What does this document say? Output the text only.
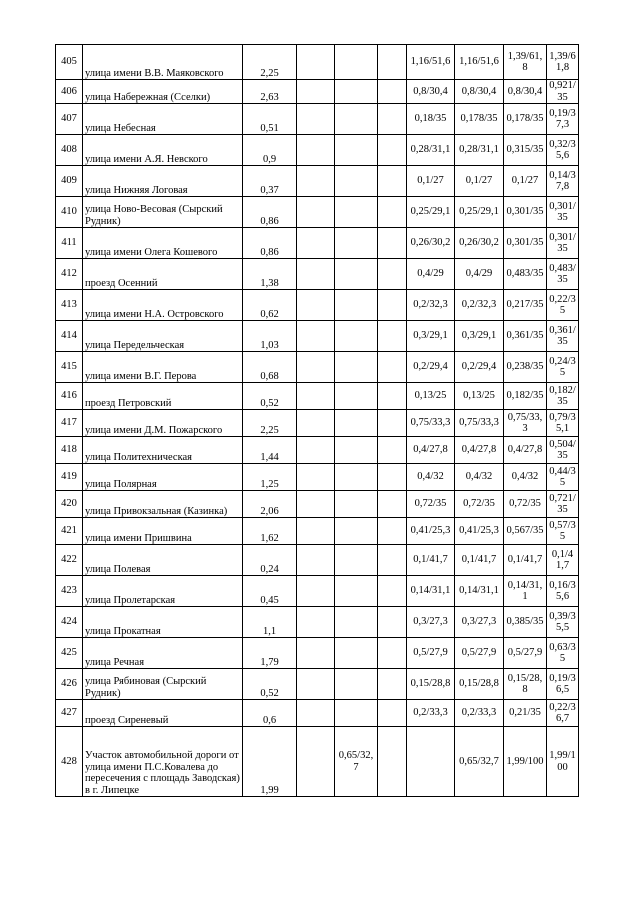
405	улица имени В.В. Маяковского	2,25				1,16/51,6	1,16/51,6	1,39/61,8	1,39/61,8
406	улица Набережная (Сселки)	2,63				0,8/30,4	0,8/30,4	0,8/30,4	0,921/35
407	улица Небесная	0,51				0,18/35	0,178/35	0,178/35	0,19/37,3
408	улица имени А.Я. Невского	0,9				0,28/31,1	0,28/31,1	0,315/35	0,32/35,6
409	улица Нижняя Логовая	0,37				0,1/27	0,1/27	0,1/27	0,14/37,8
410	улица Ново-Весовая (Сырский Рудник)	0,86				0,25/29,1	0,25/29,1	0,301/35	0,301/35
411	улица имени Олега Кошевого	0,86				0,26/30,2	0,26/30,2	0,301/35	0,301/35
412	проезд Осенний	1,38				0,4/29	0,4/29	0,483/35	0,483/35
413	улица имени Н.А. Островского	0,62				0,2/32,3	0,2/32,3	0,217/35	0,22/35
414	улица Передельческая	1,03				0,3/29,1	0,3/29,1	0,361/35	0,361/35
415	улица имени В.Г. Перова	0,68				0,2/29,4	0,2/29,4	0,238/35	0,24/35
416	проезд Петровский	0,52				0,13/25	0,13/25	0,182/35	0,182/35
417	улица имени Д.М. Пожарского	2,25				0,75/33,3	0,75/33,3	0,75/33,3	0,79/35,1
418	улица Политехническая	1,44				0,4/27,8	0,4/27,8	0,4/27,8	0,504/35
419	улица Полярная	1,25				0,4/32	0,4/32	0,4/32	0,44/35
420	улица Привокзальная (Казинка)	2,06				0,72/35	0,72/35	0,72/35	0,721/35
421	улица имени Пришвина	1,62				0,41/25,3	0,41/25,3	0,567/35	0,57/35
422	улица Полевая	0,24				0,1/41,7	0,1/41,7	0,1/41,7	0,1/41,7
423	улица Пролетарская	0,45				0,14/31,1	0,14/31,1	0,14/31,1	0,16/35,6
424	улица Прокатная	1,1				0,3/27,3	0,3/27,3	0,385/35	0,39/35,5
425	улица Речная	1,79				0,5/27,9	0,5/27,9	0,5/27,9	0,63/35
426	улица Рябиновая (Сырский Рудник)	0,52				0,15/28,8	0,15/28,8	0,15/28,8	0,19/36,5
427	проезд Сиреневый	0,6				0,2/33,3	0,2/33,3	0,21/35	0,22/36,7
428	Участок автомобильной дороги от улица имени П.С.Ковалева до пересечения с площадь Заводская) в г. Липецке	1,99		0,65/32,7			0,65/32,7	1,99/100	1,99/100
